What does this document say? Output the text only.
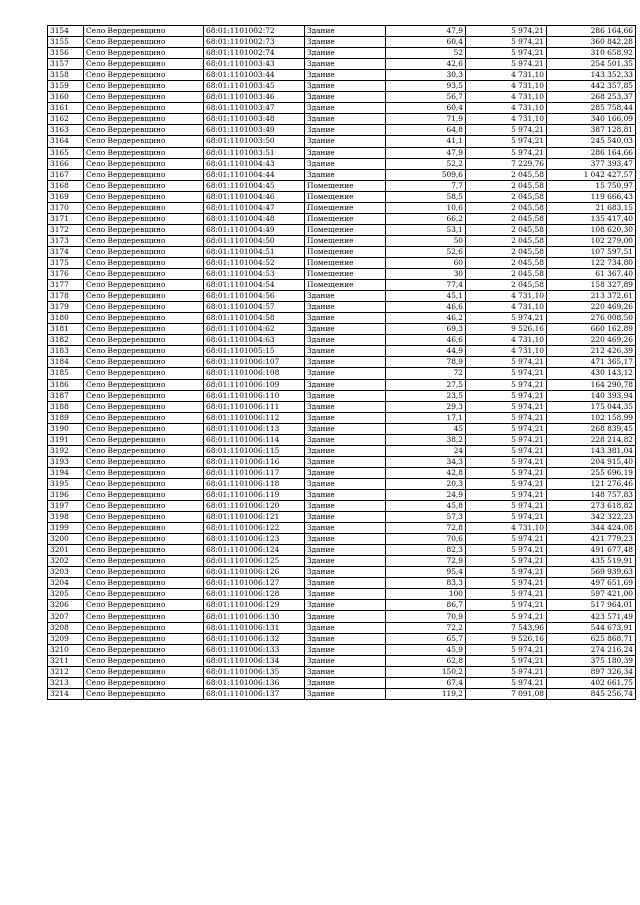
3154	Село Вердеревщино	68:01:1101002:72	Здание	47,9	5 974,21	286 164,66
3155	Село Вердеревщино	68:01:1101002:73	Здание	60,4	5 974,21	360 842,28
3156	Село Вердеревщино	68:01:1101002:74	Здание	52	5 974,21	310 658,92
3157	Село Вердеревщино	68:01:1101003:43	Здание	42,6	5 974,21	254 501,35
3158	Село Вердеревщино	68:01:1101003:44	Здание	30,3	4 731,10	143 352,33
3159	Село Вердеревщино	68:01:1101003:45	Здание	93,5	4 731,10	442 357,85
3160	Село Вердеревщино	68:01:1101003:46	Здание	56,7	4 731,10	268 253,37
3161	Село Вердеревщино	68:01:1101003:47	Здание	60,4	4 731,10	285 758,44
3162	Село Вердеревщино	68:01:1101003:48	Здание	71,9	4 731,10	340 166,09
3163	Село Вердеревщино	68:01:1101003:49	Здание	64,8	5 974,21	387 128,81
3164	Село Вердеревщино	68:01:1101003:50	Здание	41,1	5 974,21	245 540,03
3165	Село Вердеревщино	68:01:1101003:51	Здание	47,9	5 974,21	286 164,66
3166	Село Вердеревщино	68:01:1101004:43	Здание	52,2	7 229,76	377 393,47
3167	Село Вердеревщино	68:01:1101004:44	Здание	509,6	2 045,58	1 042 427,57
3168	Село Вердеревщино	68:01:1101004:45	Помещение	7,7	2 045,58	15 750,97
3169	Село Вердеревщино	68:01:1101004:46	Помещение	58,5	2 045,58	119 666,43
3170	Село Вердеревщино	68:01:1101004:47	Помещение	10,6	2 045,58	21 683,15
3171	Село Вердеревщино	68:01:1101004:48	Помещение	66,2	2 045,58	135 417,40
3172	Село Вердеревщино	68:01:1101004:49	Помещение	53,1	2 045,58	108 620,30
3173	Село Вердеревщино	68:01:1101004:50	Помещение	50	2 045,58	102 279,00
3174	Село Вердеревщино	68:01:1101004:51	Помещение	52,6	2 045,58	107 597,51
3175	Село Вердеревщино	68:01:1101004:52	Помещение	60	2 045,58	122 734,80
3176	Село Вердеревщино	68:01:1101004:53	Помещение	30	2 045,58	61 367,40
3177	Село Вердеревщино	68:01:1101004:54	Помещение	77,4	2 045,58	158 327,89
3178	Село Вердеревщино	68:01:1101004:56	Здание	45,1	4 731,10	213 372,61
3179	Село Вердеревщино	68:01:1101004:57	Здание	46,6	4 731,10	220 469,26
3180	Село Вердеревщино	68:01:1101004:58	Здание	46,2	5 974,21	276 008,50
3181	Село Вердеревщино	68:01:1101004:62	Здание	69,3	9 526,16	660 162,89
3182	Село Вердеревщино	68:01:1101004:63	Здание	46,6	4 731,10	220 469,26
3183	Село Вердеревщино	68:01:1101005:15	Здание	44,9	4 731,10	212 426,39
3184	Село Вердеревщино	68:01:1101006:107	Здание	78,9	5 974,21	471 365,17
3185	Село Вердеревщино	68:01:1101006:108	Здание	72	5 974,21	430 143,12
3186	Село Вердеревщино	68:01:1101006:109	Здание	27,5	5 974,21	164 290,78
3187	Село Вердеревщино	68:01:1101006:110	Здание	23,5	5 974,21	140 393,94
3188	Село Вердеревщино	68:01:1101006:111	Здание	29,3	5 974,21	175 044,35
3189	Село Вердеревщино	68:01:1101006:112	Здание	17,1	5 974,21	102 158,99
3190	Село Вердеревщино	68:01:1101006:113	Здание	45	5 974,21	268 839,45
3191	Село Вердеревщино	68:01:1101006:114	Здание	38,2	5 974,21	228 214,82
3192	Село Вердеревщино	68:01:1101006:115	Здание	24	5 974,21	143 381,04
3193	Село Вердеревщино	68:01:1101006:116	Здание	34,3	5 974,21	204 915,40
3194	Село Вердеревщино	68:01:1101006:117	Здание	42,8	5 974,21	255 696,19
3195	Село Вердеревщино	68:01:1101006:118	Здание	20,3	5 974,21	121 276,46
3196	Село Вердеревщино	68:01:1101006:119	Здание	24,9	5 974,21	148 757,83
3197	Село Вердеревщино	68:01:1101006:120	Здание	45,8	5 974,21	273 618,82
3198	Село Вердеревщино	68:01:1101006:121	Здание	57,3	5 974,21	342 322,23
3199	Село Вердеревщино	68:01:1101006:122	Здание	72,8	4 731,10	344 424,08
3200	Село Вердеревщино	68:01:1101006:123	Здание	70,6	5 974,21	421 779,23
3201	Село Вердеревщино	68:01:1101006:124	Здание	82,3	5 974,21	491 677,48
3202	Село Вердеревщино	68:01:1101006:125	Здание	72,9	5 974,21	435 519,91
3203	Село Вердеревщино	68:01:1101006:126	Здание	95,4	5 974,21	569 939,63
3204	Село Вердеревщино	68:01:1101006:127	Здание	83,3	5 974,21	497 651,69
3205	Село Вердеревщино	68:01:1101006:128	Здание	100	5 974,21	597 421,00
3206	Село Вердеревщино	68:01:1101006:129	Здание	86,7	5 974,21	517 964,01
3207	Село Вердеревщино	68:01:1101006:130	Здание	70,9	5 974,21	423 571,49
3208	Село Вердеревщино	68:01:1101006:131	Здание	72,2	7 543,96	544 673,91
3209	Село Вердеревщино	68:01:1101006:132	Здание	65,7	9 526,16	625 868,71
3210	Село Вердеревщино	68:01:1101006:133	Здание	45,9	5 974,21	274 216,24
3211	Село Вердеревщино	68:01:1101006:134	Здание	62,8	5 974,21	375 180,39
3212	Село Вердеревщино	68:01:1101006:135	Здание	150,2	5 974,21	897 326,34
3213	Село Вердеревщино	68:01:1101006:136	Здание	67,4	5 974,21	402 661,75
3214	Село Вердеревщино	68:01:1101006:137	Здание	119,2	7 091,08	845 256,74
